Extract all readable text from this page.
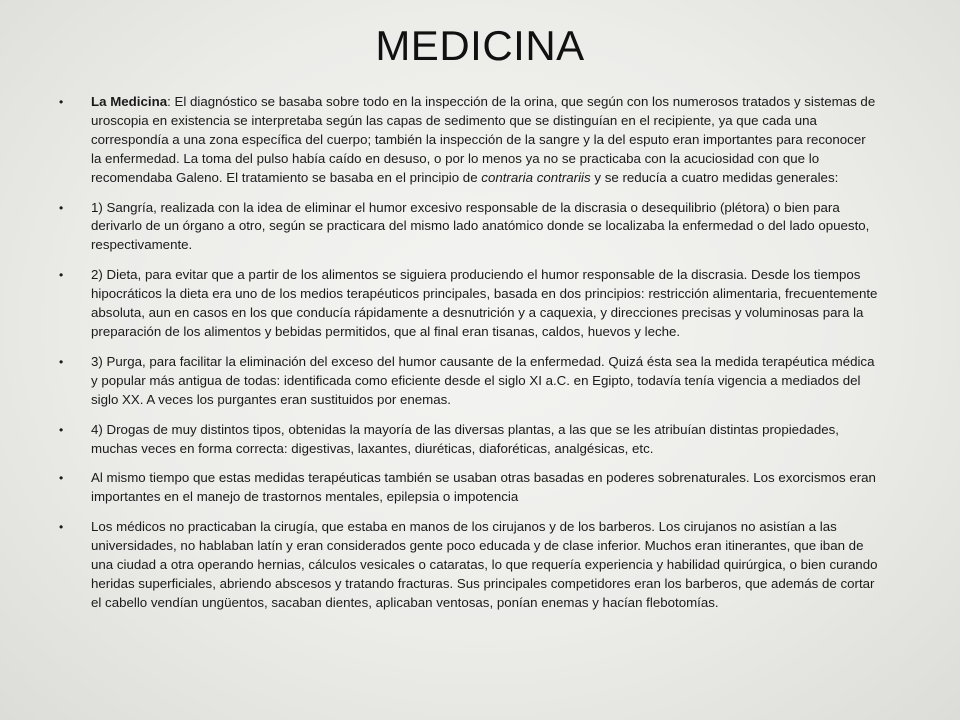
MEDICINA
• La Medicina: El diagnóstico se basaba sobre todo en la inspección de la orina, que según con los numerosos tratados y sistemas de uroscopia en existencia se interpretaba según las capas de sedimento que se distinguían en el recipiente, ya que cada una correspondía a una zona específica del cuerpo; también la inspección de la sangre y la del esputo eran importantes para reconocer la enfermedad. La toma del pulso había caído en desuso, o por lo menos ya no se practicaba con la acuciosidad con que lo recomendaba Galeno. El tratamiento se basaba en el principio de contraria contrariis y se reducía a cuatro medidas generales:
• 1) Sangría, realizada con la idea de eliminar el humor excesivo responsable de la discrasia o desequilibrio (plétora) o bien para derivarlo de un órgano a otro, según se practicara del mismo lado anatómico donde se localizaba la enfermedad o del lado opuesto, respectivamente.
• 2) Dieta, para evitar que a partir de los alimentos se siguiera produciendo el humor responsable de la discrasia. Desde los tiempos hipocráticos la dieta era uno de los medios terapéuticos principales, basada en dos principios: restricción alimentaria, frecuentemente absoluta, aun en casos en los que conducía rápidamente a desnutrición y a caquexia, y direcciones precisas y voluminosas para la preparación de los alimentos y bebidas permitidos, que al final eran tisanas, caldos, huevos y leche.
• 3) Purga, para facilitar la eliminación del exceso del humor causante de la enfermedad. Quizá ésta sea la medida terapéutica médica y popular más antigua de todas: identificada como eficiente desde el siglo XI a.C. en Egipto, todavía tenía vigencia a mediados del siglo XX. A veces los purgantes eran sustituidos por enemas.
• 4) Drogas de muy distintos tipos, obtenidas la mayoría de las diversas plantas, a las que se les atribuían distintas propiedades, muchas veces en forma correcta: digestivas, laxantes, diuréticas, diaforéticas, analgésicas, etc.
• Al mismo tiempo que estas medidas terapéuticas también se usaban otras basadas en poderes sobrenaturales. Los exorcismos eran importantes en el manejo de trastornos mentales, epilepsia o impotencia
• Los médicos no practicaban la cirugía, que estaba en manos de los cirujanos y de los barberos. Los cirujanos no asistían a las universidades, no hablaban latín y eran considerados gente poco educada y de clase inferior. Muchos eran itinerantes, que iban de una ciudad a otra operando hernias, cálculos vesicales o cataratas, lo que requería experiencia y habilidad quirúrgica, o bien curando heridas superficiales, abriendo abscesos y tratando fracturas. Sus principales competidores eran los barberos, que además de cortar el cabello vendían ungüentos, sacaban dientes, aplicaban ventosas, ponían enemas y hacían flebotomías.
